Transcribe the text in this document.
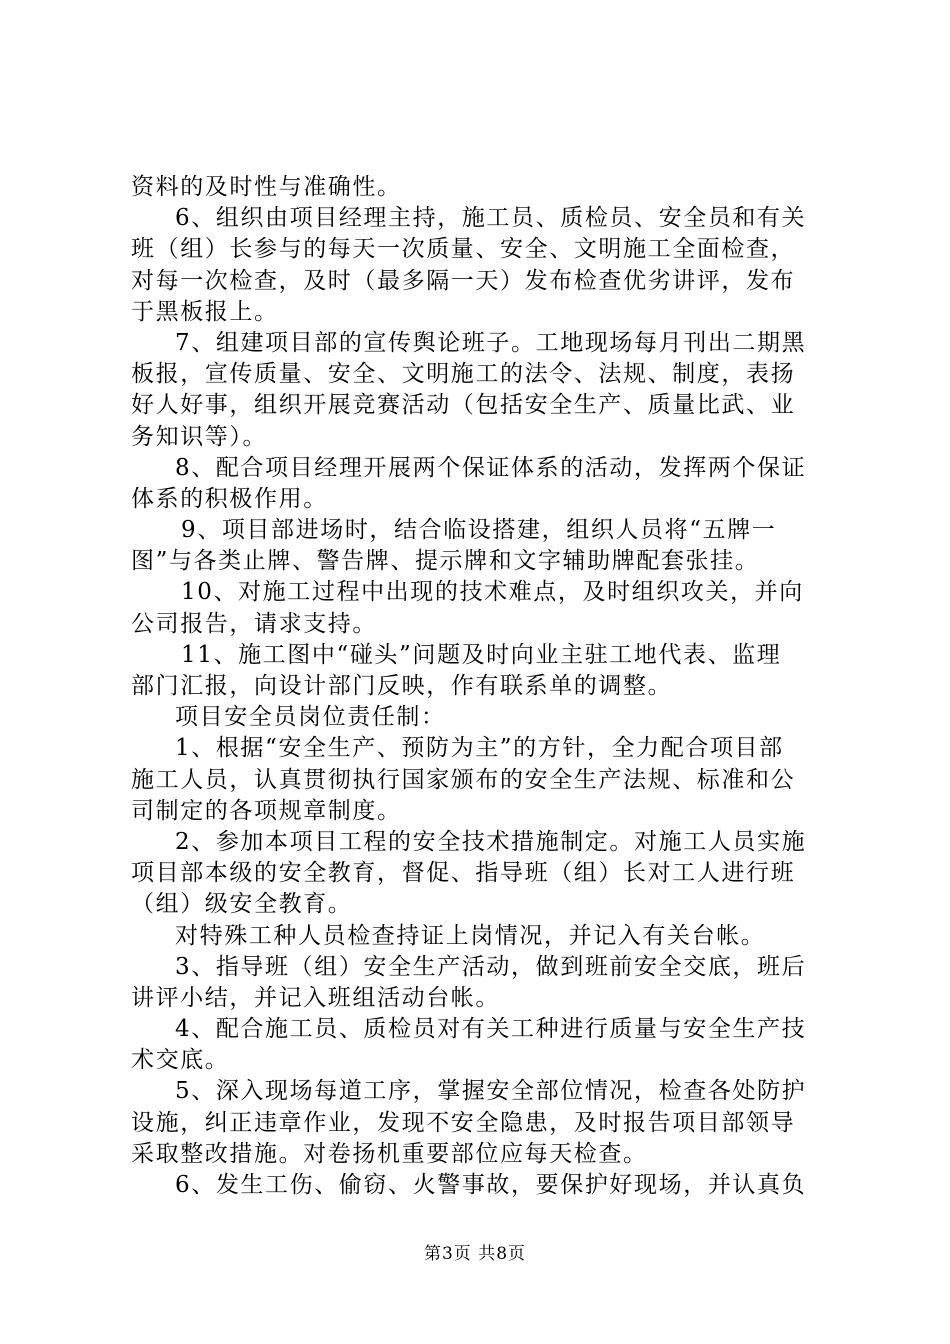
资料的及时性与准确性。
6、组织由项目经理主持，施工员、质检员、安全员和有关
班（组）长参与的每天一次质量、安全、文明施工全面检查，
对每一次检查，及时（最多隔一天）发布检查优劣讲评，发布
于黑板报上。
7、组建项目部的宣传舆论班子。工地现场每月刊出二期黑
板报，宣传质量、安全、文明施工的法令、法规、制度，表扬
好人好事，组织开展竞赛活动（包括安全生产、质量比武、业
务知识等）。
8、配合项目经理开展两个保证体系的活动，发挥两个保证
体系的积极作用。
9、项目部进场时，结合临设搭建，组织人员将“五牌一
图”与各类止牌、警告牌、提示牌和文字辅助牌配套张挂。
10、对施工过程中出现的技术难点，及时组织攻关，并向
公司报告，请求支持。
11、施工图中“碰头”问题及时向业主驻工地代表、监理
部门汇报，向设计部门反映，作有联系单的调整。
项目安全员岗位责任制：
1、根据“安全生产、预防为主”的方针，全力配合项目部
施工人员，认真贯彻执行国家颁布的安全生产法规、标准和公
司制定的各项规章制度。
2、参加本项目工程的安全技术措施制定。对施工人员实施
项目部本级的安全教育，督促、指导班（组）长对工人进行班
（组）级安全教育。
对特殊工种人员检查持证上岗情况，并记入有关台帐。
3、指导班（组）安全生产活动，做到班前安全交底，班后
讲评小结，并记入班组活动台帐。
4、配合施工员、质检员对有关工种进行质量与安全生产技
术交底。
5、深入现场每道工序，掌握安全部位情况，检查各处防护
设施，纠正违章作业，发现不安全隐患，及时报告项目部领导
采取整改措施。对卷扬机重要部位应每天检查。
6、发生工伤、偷窃、火警事故，要保护好现场，并认真负
第3页 共8页
